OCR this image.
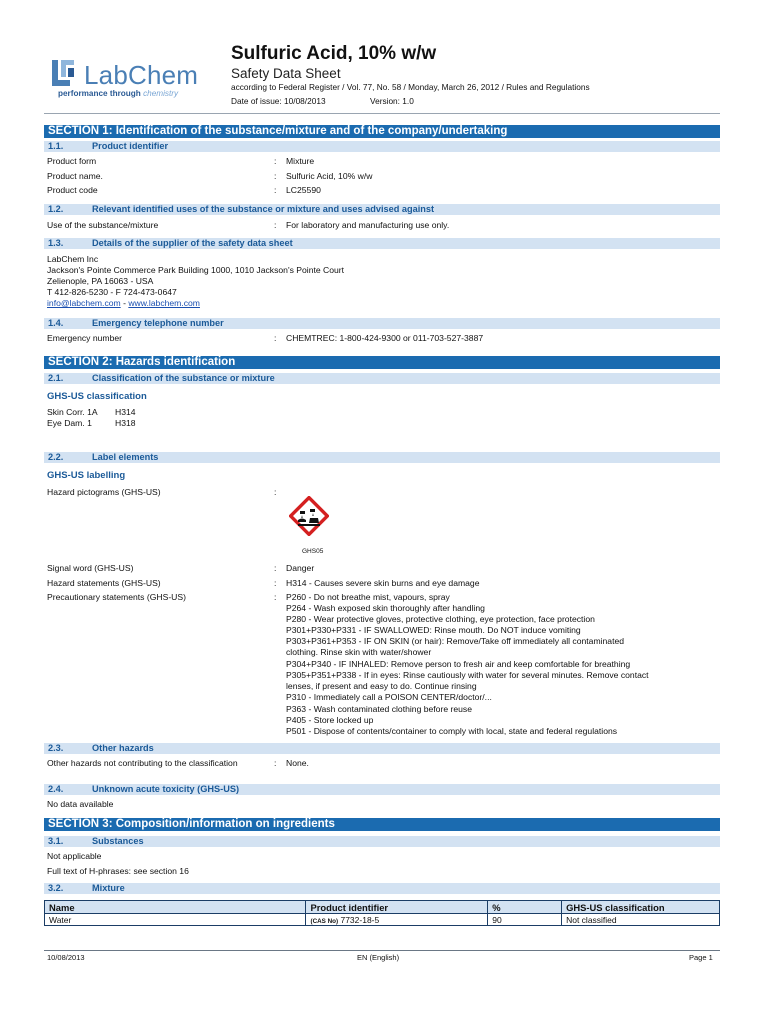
LabChem
performance through chemistry
Sulfuric Acid, 10% w/w
Safety Data Sheet
according to Federal Register / Vol. 77, No. 58 / Monday, March 26, 2012 / Rules and Regulations
Date of issue: 10/08/2013	Version: 1.0
SECTION 1: Identification of the substance/mixture and of the company/undertaking
1.1.	Product identifier
Product form	: Mixture
Product name.	: Sulfuric Acid, 10% w/w
Product code	: LC25590
1.2.	Relevant identified uses of the substance or mixture and uses advised against
Use of the substance/mixture	: For laboratory and manufacturing use only.
1.3.	Details of the supplier of the safety data sheet
LabChem Inc
Jackson's Pointe Commerce Park Building 1000, 1010 Jackson's Pointe Court
Zelienople, PA 16063 - USA
T 412-826-5230 - F 724-473-0647
info@labchem.com - www.labchem.com
1.4.	Emergency telephone number
Emergency number	: CHEMTREC: 1-800-424-9300 or 011-703-527-3887
SECTION 2: Hazards identification
2.1.	Classification of the substance or mixture
GHS-US classification
Skin Corr. 1A H314
Eye Dam. 1	H318
2.2.	Label elements
GHS-US labelling
Hazard pictograms (GHS-US)	:
GHS05
Signal word (GHS-US)	: Danger
Hazard statements (GHS-US)	: H314 - Causes severe skin burns and eye damage
Precautionary statements (GHS-US)	: P260 - Do not breathe mist, vapours, spray
P264 - Wash exposed skin thoroughly after handling
P280 - Wear protective gloves, protective clothing, eye protection, face protection
P301+P330+P331 - IF SWALLOWED: Rinse mouth. Do NOT induce vomiting
P303+P361+P353 - IF ON SKIN (or hair): Remove/Take off immediately all contaminated
clothing. Rinse skin with water/shower
P304+P340 - IF INHALED: Remove person to fresh air and keep comfortable for breathing
P305+P351+P338 - If in eyes: Rinse cautiously with water for several minutes. Remove contact
lenses, if present and easy to do. Continue rinsing
P310 - Immediately call a POISON CENTER/doctor/...
P363 - Wash contaminated clothing before reuse
P405 - Store locked up
P501 - Dispose of contents/container to comply with local, state and federal regulations
2.3.	Other hazards
Other hazards not contributing to the classification	: None.
2.4.	Unknown acute toxicity (GHS-US)
No data available
SECTION 3: Composition/information on ingredients
3.1.	Substances
Not applicable
Full text of H-phrases: see section 16
3.2.	Mixture
Name	Product identifier	%	GHS-US classification
Water	(CAS No) 7732-18-5	90	Not classified
10/08/2013	EN (English)	Page 1
